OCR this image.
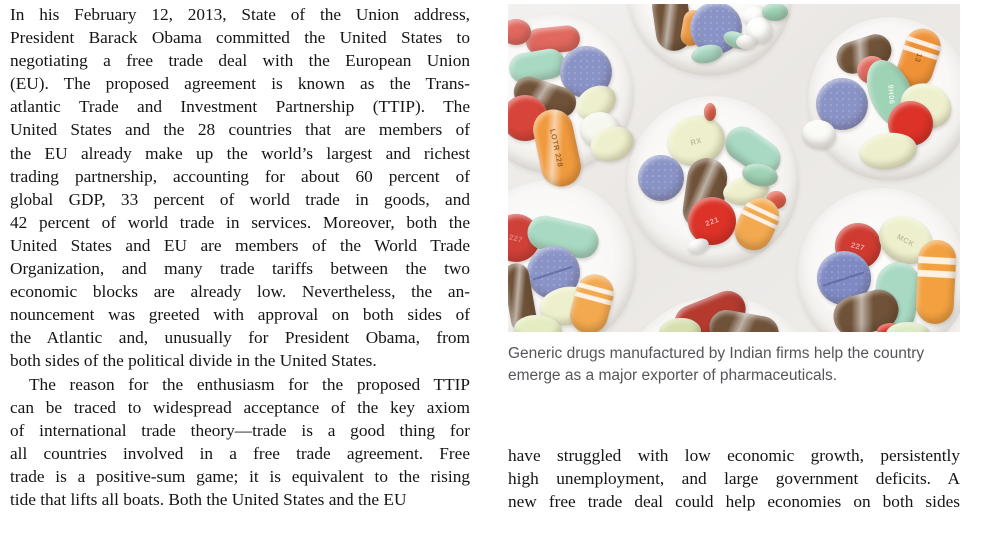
In his February 12, 2013, State of the Union address,
President Barack Obama committed the United States to
negotiating a free trade deal with the European Union
(EU). The proposed agreement is known as the Trans-
atlantic Trade and Investment Partnership (TTIP). The
United States and the 28 countries that are members of
the EU already make up the world’s largest and richest
trading partnership, accounting for about 60 percent of
global GDP, 33 percent of world trade in goods, and
42 percent of world trade in services. Moreover, both the
United States and EU are members of the World Trade
Organization, and many trade tariffs between the two
economic blocks are already low. Nevertheless, the an-
nouncement was greeted with approval on both sides of
the Atlantic and, unusually for President Obama, from
both sides of the political divide in the United States.
The reason for the enthusiasm for the proposed TTIP
can be traced to widespread acceptance of the key axiom
of international trade theory—trade is a good thing for
all countries involved in a free trade agreement. Free
trade is a positive-sum game; it is equivalent to the rising
tide that lifts all boats. Both the United States and the EU
LOTR 228
13
90H6
RX
221
227
227	MCK
Generic drugs manufactured by Indian firms help the country
emerge as a major exporter of pharmaceuticals.
have struggled with low economic growth, persistently
high unemployment, and large government deficits. A
new free trade deal could help economies on both sides
